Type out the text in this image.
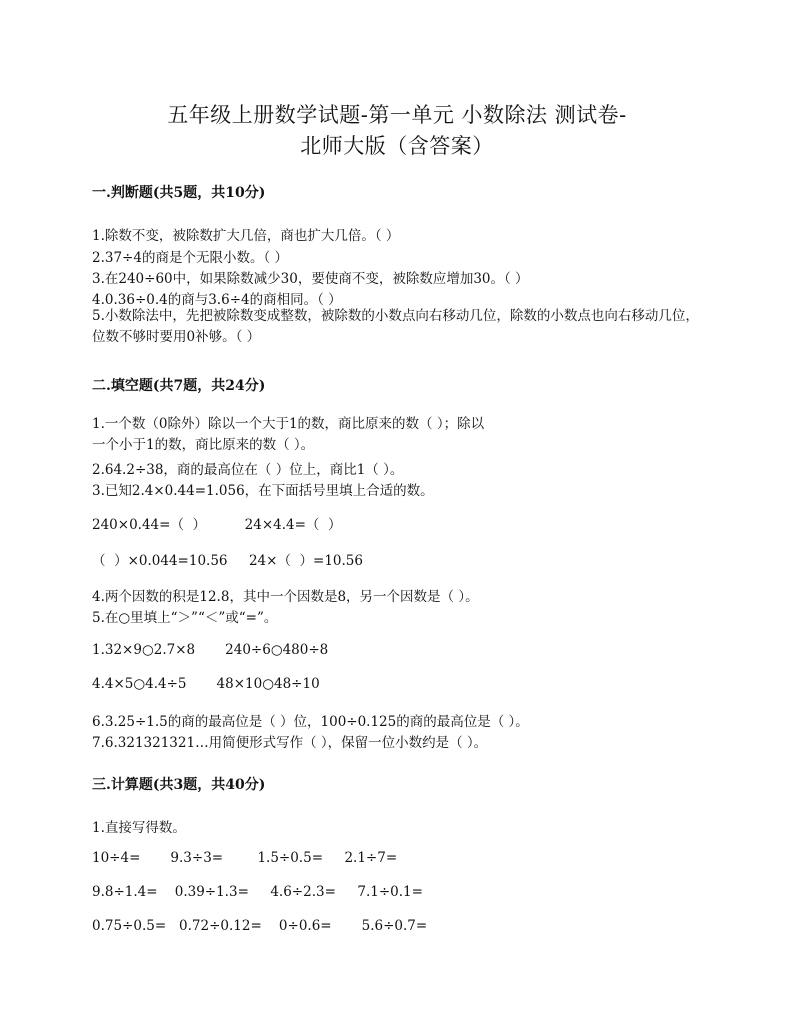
五年级上册数学试题-第一单元 小数除法 测试卷-
北师大版（含答案）
一.判断题(共5题，共10分)
1.除数不变，被除数扩大几倍，商也扩大几倍。（ ）
2.37÷4的商是个无限小数。（ ）
3.在240÷60中，如果除数减少30，要使商不变，被除数应增加30。（ ）
4.0.36÷0.4的商与3.6÷4的商相同。（ ）
5.小数除法中，先把被除数变成整数，被除数的小数点向右移动几位，除数的小数点也向右移动几位，位数不够时要用0补够。（ ）
二.填空题(共7题，共24分)
1.一个数（0除外）除以一个大于1的数，商比原来的数（ ）；除以一个小于1的数，商比原来的数（ ）。
2.64.2÷38，商的最高位在（ ）位上，商比1（ ）。
3.已知2.4×0.44=1.056，在下面括号里填上合适的数。
240×0.44=（  ）         24×4.4=（  ）
（  ）×0.044=10.56     24×（  ）=10.56
4.两个因数的积是12.8，其中一个因数是8，另一个因数是（ ）。
5.在○里填上“＞”“＜”或“=”。
1.32×9○2.7×8       240÷6○480÷8
4.4×5○4.4÷5       48×10○48÷10
6.3.25÷1.5的商的最高位是（ ）位，100÷0.125的商的最高位是（ ）。
7.6.321321321…用简便形式写作（ ），保留一位小数约是（ ）。
三.计算题(共3题，共40分)
1.直接写得数。
10÷4=       9.3÷3=        1.5÷0.5=     2.1÷7=
9.8÷1.4=    0.39÷1.3=     4.6÷2.3=     7.1÷0.1=
0.75÷0.5=   0.72÷0.12=    0÷0.6=       5.6÷0.7=
